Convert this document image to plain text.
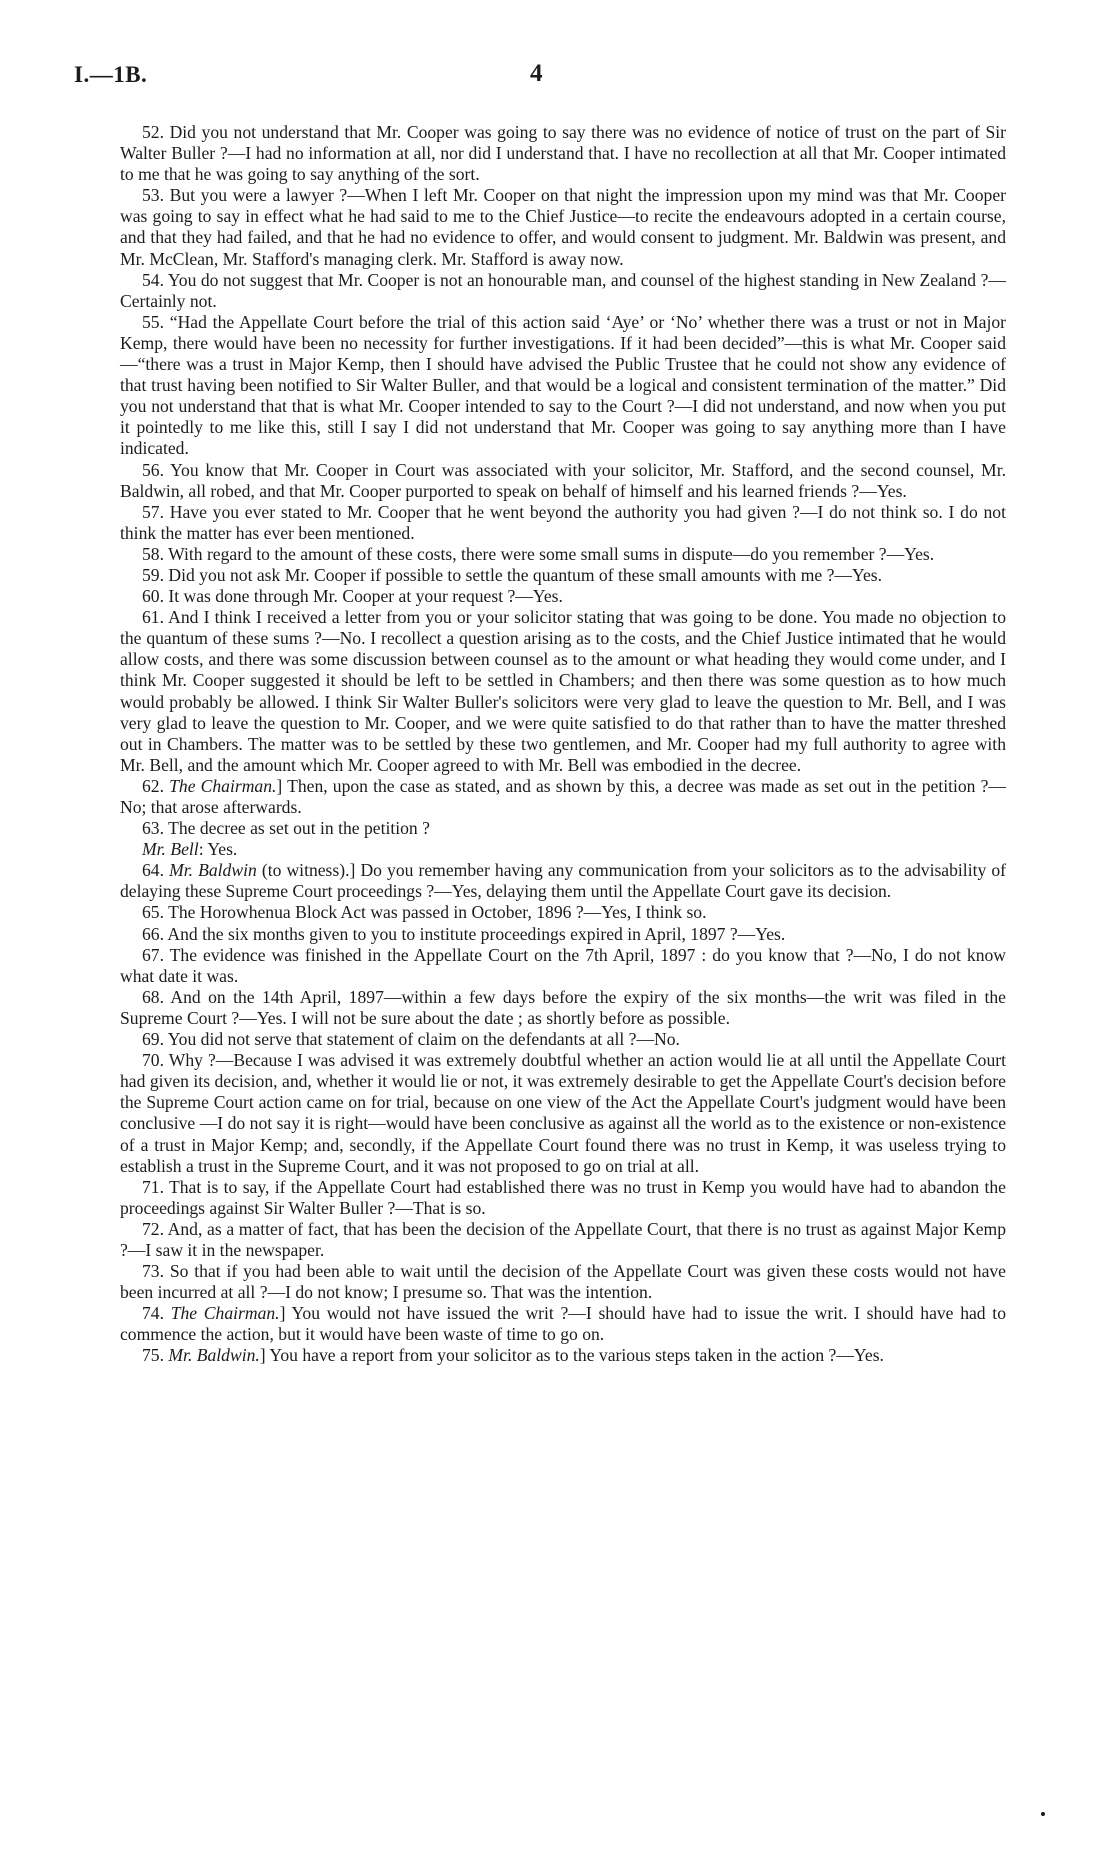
I.—1B.	4

52. Did you not understand that Mr. Cooper was going to say there was no evidence of notice of trust on the part of Sir Walter Buller ?—I had no information at all, nor did I understand that. I have no recollection at all that Mr. Cooper intimated to me that he was going to say anything of the sort.

53. But you were a lawyer ?—When I left Mr. Cooper on that night the impression upon my mind was that Mr. Cooper was going to say in effect what he had said to me to the Chief Justice—to recite the endeavours adopted in a certain course, and that they had failed, and that he had no evidence to offer, and would consent to judgment. Mr. Baldwin was present, and Mr. McClean, Mr. Stafford's managing clerk. Mr. Stafford is away now.

54. You do not suggest that Mr. Cooper is not an honourable man, and counsel of the highest standing in New Zealand ?—Certainly not.

55. “Had the Appellate Court before the trial of this action said ‘Aye’ or ‘No’ whether there was a trust or not in Major Kemp, there would have been no necessity for further investigations. If it had been decided”—this is what Mr. Cooper said—“there was a trust in Major Kemp, then I should have advised the Public Trustee that he could not show any evidence of that trust having been notified to Sir Walter Buller, and that would be a logical and consistent termination of the matter.” Did you not understand that that is what Mr. Cooper intended to say to the Court ?—I did not understand, and now when you put it pointedly to me like this, still I say I did not understand that Mr. Cooper was going to say anything more than I have indicated.

56. You know that Mr. Cooper in Court was associated with your solicitor, Mr. Stafford, and the second counsel, Mr. Baldwin, all robed, and that Mr. Cooper purported to speak on behalf of himself and his learned friends ?—Yes.

57. Have you ever stated to Mr. Cooper that he went beyond the authority you had given ?—I do not think so. I do not think the matter has ever been mentioned.

58. With regard to the amount of these costs, there were some small sums in dispute—do you remember ?—Yes.

59. Did you not ask Mr. Cooper if possible to settle the quantum of these small amounts with me ?—Yes.

60. It was done through Mr. Cooper at your request ?—Yes.

61. And I think I received a letter from you or your solicitor stating that was going to be done. You made no objection to the quantum of these sums ?—No. I recollect a question arising as to the costs, and the Chief Justice intimated that he would allow costs, and there was some discussion between counsel as to the amount or what heading they would come under, and I think Mr. Cooper suggested it should be left to be settled in Chambers; and then there was some question as to how much would probably be allowed. I think Sir Walter Buller's solicitors were very glad to leave the question to Mr. Bell, and I was very glad to leave the question to Mr. Cooper, and we were quite satisfied to do that rather than to have the matter threshed out in Chambers. The matter was to be settled by these two gentlemen, and Mr. Cooper had my full authority to agree with Mr. Bell, and the amount which Mr. Cooper agreed to with Mr. Bell was embodied in the decree.

62. The Chairman.] Then, upon the case as stated, and as shown by this, a decree was made as set out in the petition ?—No; that arose afterwards.

63. The decree as set out in the petition ?

Mr. Bell: Yes.

64. Mr. Baldwin (to witness).] Do you remember having any communication from your solicitors as to the advisability of delaying these Supreme Court proceedings ?—Yes, delaying them until the Appellate Court gave its decision.

65. The Horowhenua Block Act was passed in October, 1896 ?—Yes, I think so.

66. And the six months given to you to institute proceedings expired in April, 1897 ?—Yes.

67. The evidence was finished in the Appellate Court on the 7th April, 1897 : do you know that ?—No, I do not know what date it was.

68. And on the 14th April, 1897—within a few days before the expiry of the six months—the writ was filed in the Supreme Court ?—Yes. I will not be sure about the date ; as shortly before as possible.

69. You did not serve that statement of claim on the defendants at all ?—No.

70. Why ?—Because I was advised it was extremely doubtful whether an action would lie at all until the Appellate Court had given its decision, and, whether it would lie or not, it was extremely desirable to get the Appellate Court's decision before the Supreme Court action came on for trial, because on one view of the Act the Appellate Court's judgment would have been conclusive —I do not say it is right—would have been conclusive as against all the world as to the existence or non-existence of a trust in Major Kemp; and, secondly, if the Appellate Court found there was no trust in Kemp, it was useless trying to establish a trust in the Supreme Court, and it was not proposed to go on trial at all.

71. That is to say, if the Appellate Court had established there was no trust in Kemp you would have had to abandon the proceedings against Sir Walter Buller ?—That is so.

72. And, as a matter of fact, that has been the decision of the Appellate Court, that there is no trust as against Major Kemp ?—I saw it in the newspaper.

73. So that if you had been able to wait until the decision of the Appellate Court was given these costs would not have been incurred at all ?—I do not know; I presume so. That was the intention.

74. The Chairman.] You would not have issued the writ ?—I should have had to issue the writ. I should have had to commence the action, but it would have been waste of time to go on.

75. Mr. Baldwin.] You have a report from your solicitor as to the various steps taken in the action ?—Yes.
